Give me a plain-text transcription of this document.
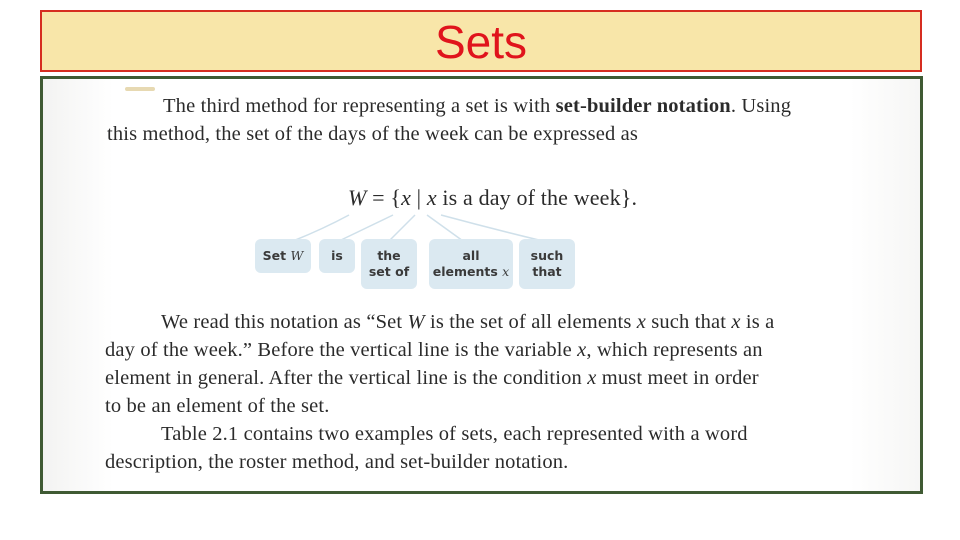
Sets
The third method for representing a set is with set-builder notation. Using
this method, the set of the days of the week can be expressed as
W = {x | x is a day of the week}.
Set W is	the
set of
all
elements x
such
that
We read this notation as “Set W is the set of all elements x such that x is a
day of the week.” Before the vertical line is the variable x, which represents an
element in general. After the vertical line is the condition x must meet in order
to be an element of the set.
Table 2.1 contains two examples of sets, each represented with a word
description, the roster method, and set-builder notation.
